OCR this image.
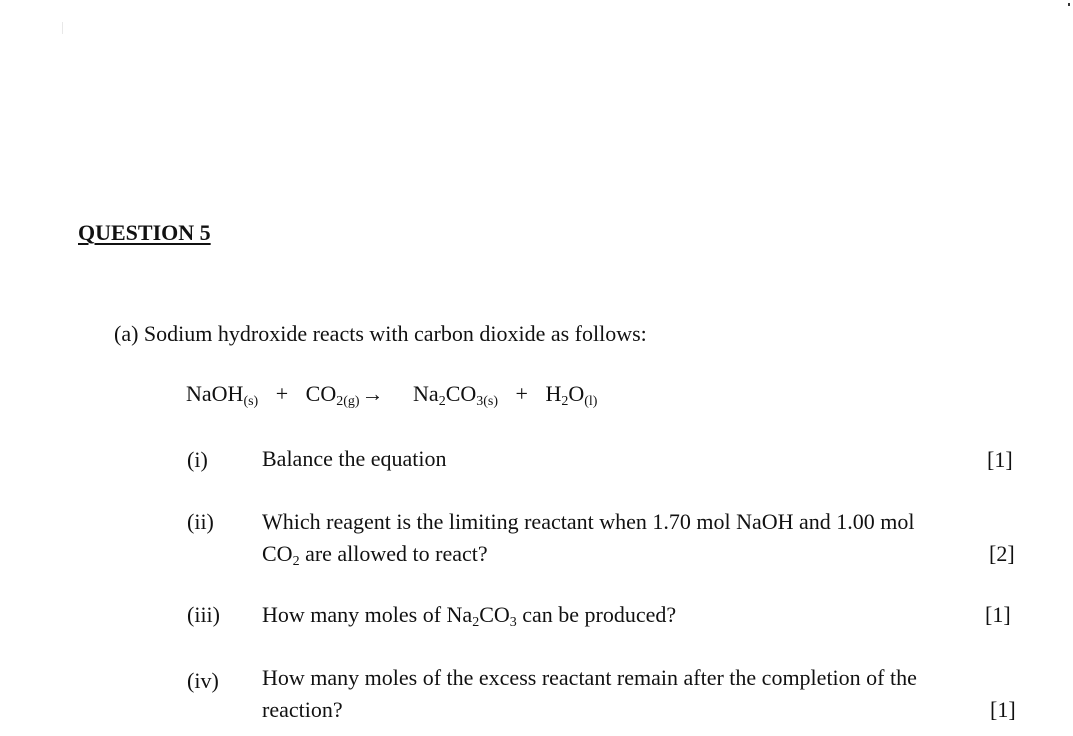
QUESTION 5
(a) Sodium hydroxide reacts with carbon dioxide as follows:
NaOH$_{(s)}$ + $CO_{2(g)}\to Na_2CO_{3(s)} + H_2O_{(l)}$
(i) Balance the equation	[1]
(ii) Which reagent is the limiting reactant when 1.70 mol NaOH and 1.00 mol
$CO_2$ are allowed to react?	[2]
(iii) How many moles of $Na_2CO_3$ can be produced?	[1]
(iv) How many moles of the excess reactant remain after the completion of the
reaction?	[1]
